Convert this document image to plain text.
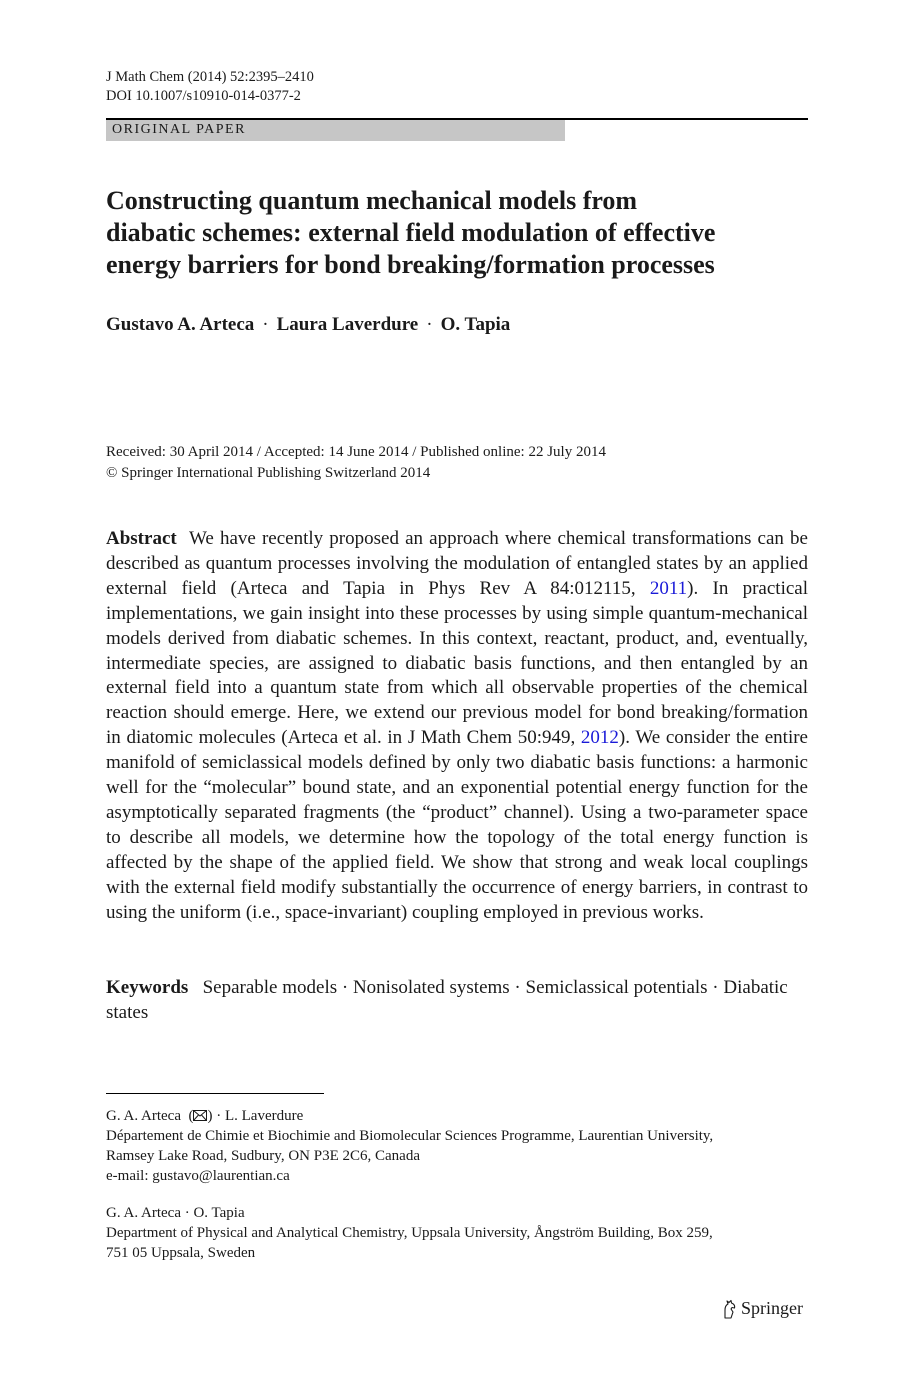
J Math Chem (2014) 52:2395–2410
DOI 10.1007/s10910-014-0377-2
ORIGINAL PAPER
Constructing quantum mechanical models from
diabatic schemes: external field modulation of effective
energy barriers for bond breaking/formation processes
Gustavo A. Arteca · Laura Laverdure · O. Tapia
Received: 30 April 2014 / Accepted: 14 June 2014 / Published online: 22 July 2014
© Springer International Publishing Switzerland 2014
Abstract We have recently proposed an approach where chemical transformations can be described as quantum processes involving the modulation of entangled states by an applied external field (Arteca and Tapia in Phys Rev A 84:012115, 2011). In practical implementations, we gain insight into these processes by using simple quantum-mechanical models derived from diabatic schemes. In this context, reactant, product, and, eventually, intermediate species, are assigned to diabatic basis functions, and then entangled by an external field into a quantum state from which all observable properties of the chemical reaction should emerge. Here, we extend our previous model for bond breaking/formation in diatomic molecules (Arteca et al. in J Math Chem 50:949, 2012). We consider the entire manifold of semiclassical models defined by only two diabatic basis functions: a harmonic well for the “molecular” bound state, and an exponential potential energy function for the asymptotically separated fragments (the “product” channel). Using a two-parameter space to describe all models, we determine how the topology of the total energy function is affected by the shape of the applied field. We show that strong and weak local couplings with the external field modify substantially the occurrence of energy barriers, in contrast to using the uniform (i.e., space-invariant) coupling employed in previous works.
Keywords Separable models · Nonisolated systems · Semiclassical potentials · Diabatic states
G. A. Arteca  ( ) · L. Laverdure
Département de Chimie et Biochimie and Biomolecular Sciences Programme, Laurentian University,
Ramsey Lake Road, Sudbury, ON P3E 2C6, Canada
e-mail: gustavo@laurentian.ca
G. A. Arteca · O. Tapia
Department of Physical and Analytical Chemistry, Uppsala University, Ångström Building, Box 259,
751 05 Uppsala, Sweden
Springer
